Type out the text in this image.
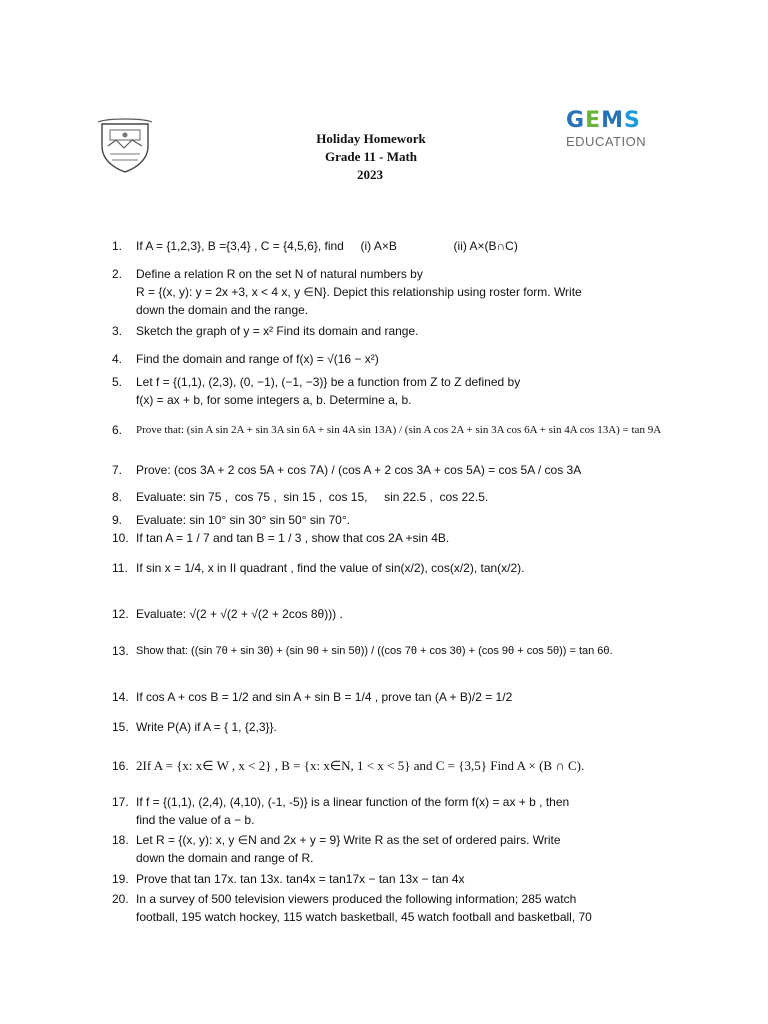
GEMS
EDUCATION
Holiday Homework
Grade 11 - Math
2023
1. If A = {1,2,3}, B ={3,4} , C = {4,5,6}, find     (i) A×B                 (ii) A×(B∩C)
2. Define a relation R on the set N of natural numbers by
R = {(x, y): y = 2x +3, x < 4 x, y ∈N}. Depict this relationship using roster form. Write
down the domain and the range.
3. Sketch the graph of y = x² Find its domain and range.
4. Find the domain and range of f(x) = √(16 − x²)
5. Let f = {(1,1), (2,3), (0, −1), (−1, −3)} be a function from Z to Z defined by
f(x) = ax + b, for some integers a, b. Determine a, b.
6. Prove that: (sin A sin 2A + sin 3A sin 6A + sin 4A sin 13A) / (sin A cos 2A + sin 3A cos 6A + sin 4A cos 13A) = tan 9A
7. Prove: (cos 3A + 2 cos 5A + cos 7A) / (cos A + 2 cos 3A + cos 5A) = cos 5A / cos 3A
8. Evaluate: sin 75 ,  cos 75 ,  sin 15 ,  cos 15,     sin 22.5 ,  cos 22.5.
9. Evaluate: sin 10° sin 30° sin 50° sin 70°.
10. If tan A = 1 / 7 and tan B = 1 / 3 , show that cos 2A +sin 4B.
11. If sin x = 1/4, x in II quadrant , find the value of sin(x/2), cos(x/2), tan(x/2).
12. Evaluate: √(2 + √(2 + √(2 + 2cos 8θ))) .
13. Show that: ((sin 7θ + sin 3θ) + (sin 9θ + sin 5θ)) / ((cos 7θ + cos 3θ) + (cos 9θ + cos 5θ)) = tan 6θ.
14. If cos A + cos B = 1/2 and sin A + sin B = 1/4 , prove tan (A + B)/2 = 1/2
15. Write P(A) if A = { 1, {2,3}}.
16. 2If A = {x: x∈ W , x < 2} , B = {x: x∈N, 1 < x < 5} and C = {3,5} Find A × (B ∩ C).
17. If f = {(1,1), (2,4), (4,10), (-1, -5)} is a linear function of the form f(x) = ax + b , then
find the value of a − b.
18. Let R = {(x, y): x, y ∈N and 2x + y = 9} Write R as the set of ordered pairs. Write
down the domain and range of R.
19. Prove that tan 17x. tan 13x. tan4x = tan17x − tan 13x − tan 4x
20. In a survey of 500 television viewers produced the following information; 285 watch
football, 195 watch hockey, 115 watch basketball, 45 watch football and basketball, 70
